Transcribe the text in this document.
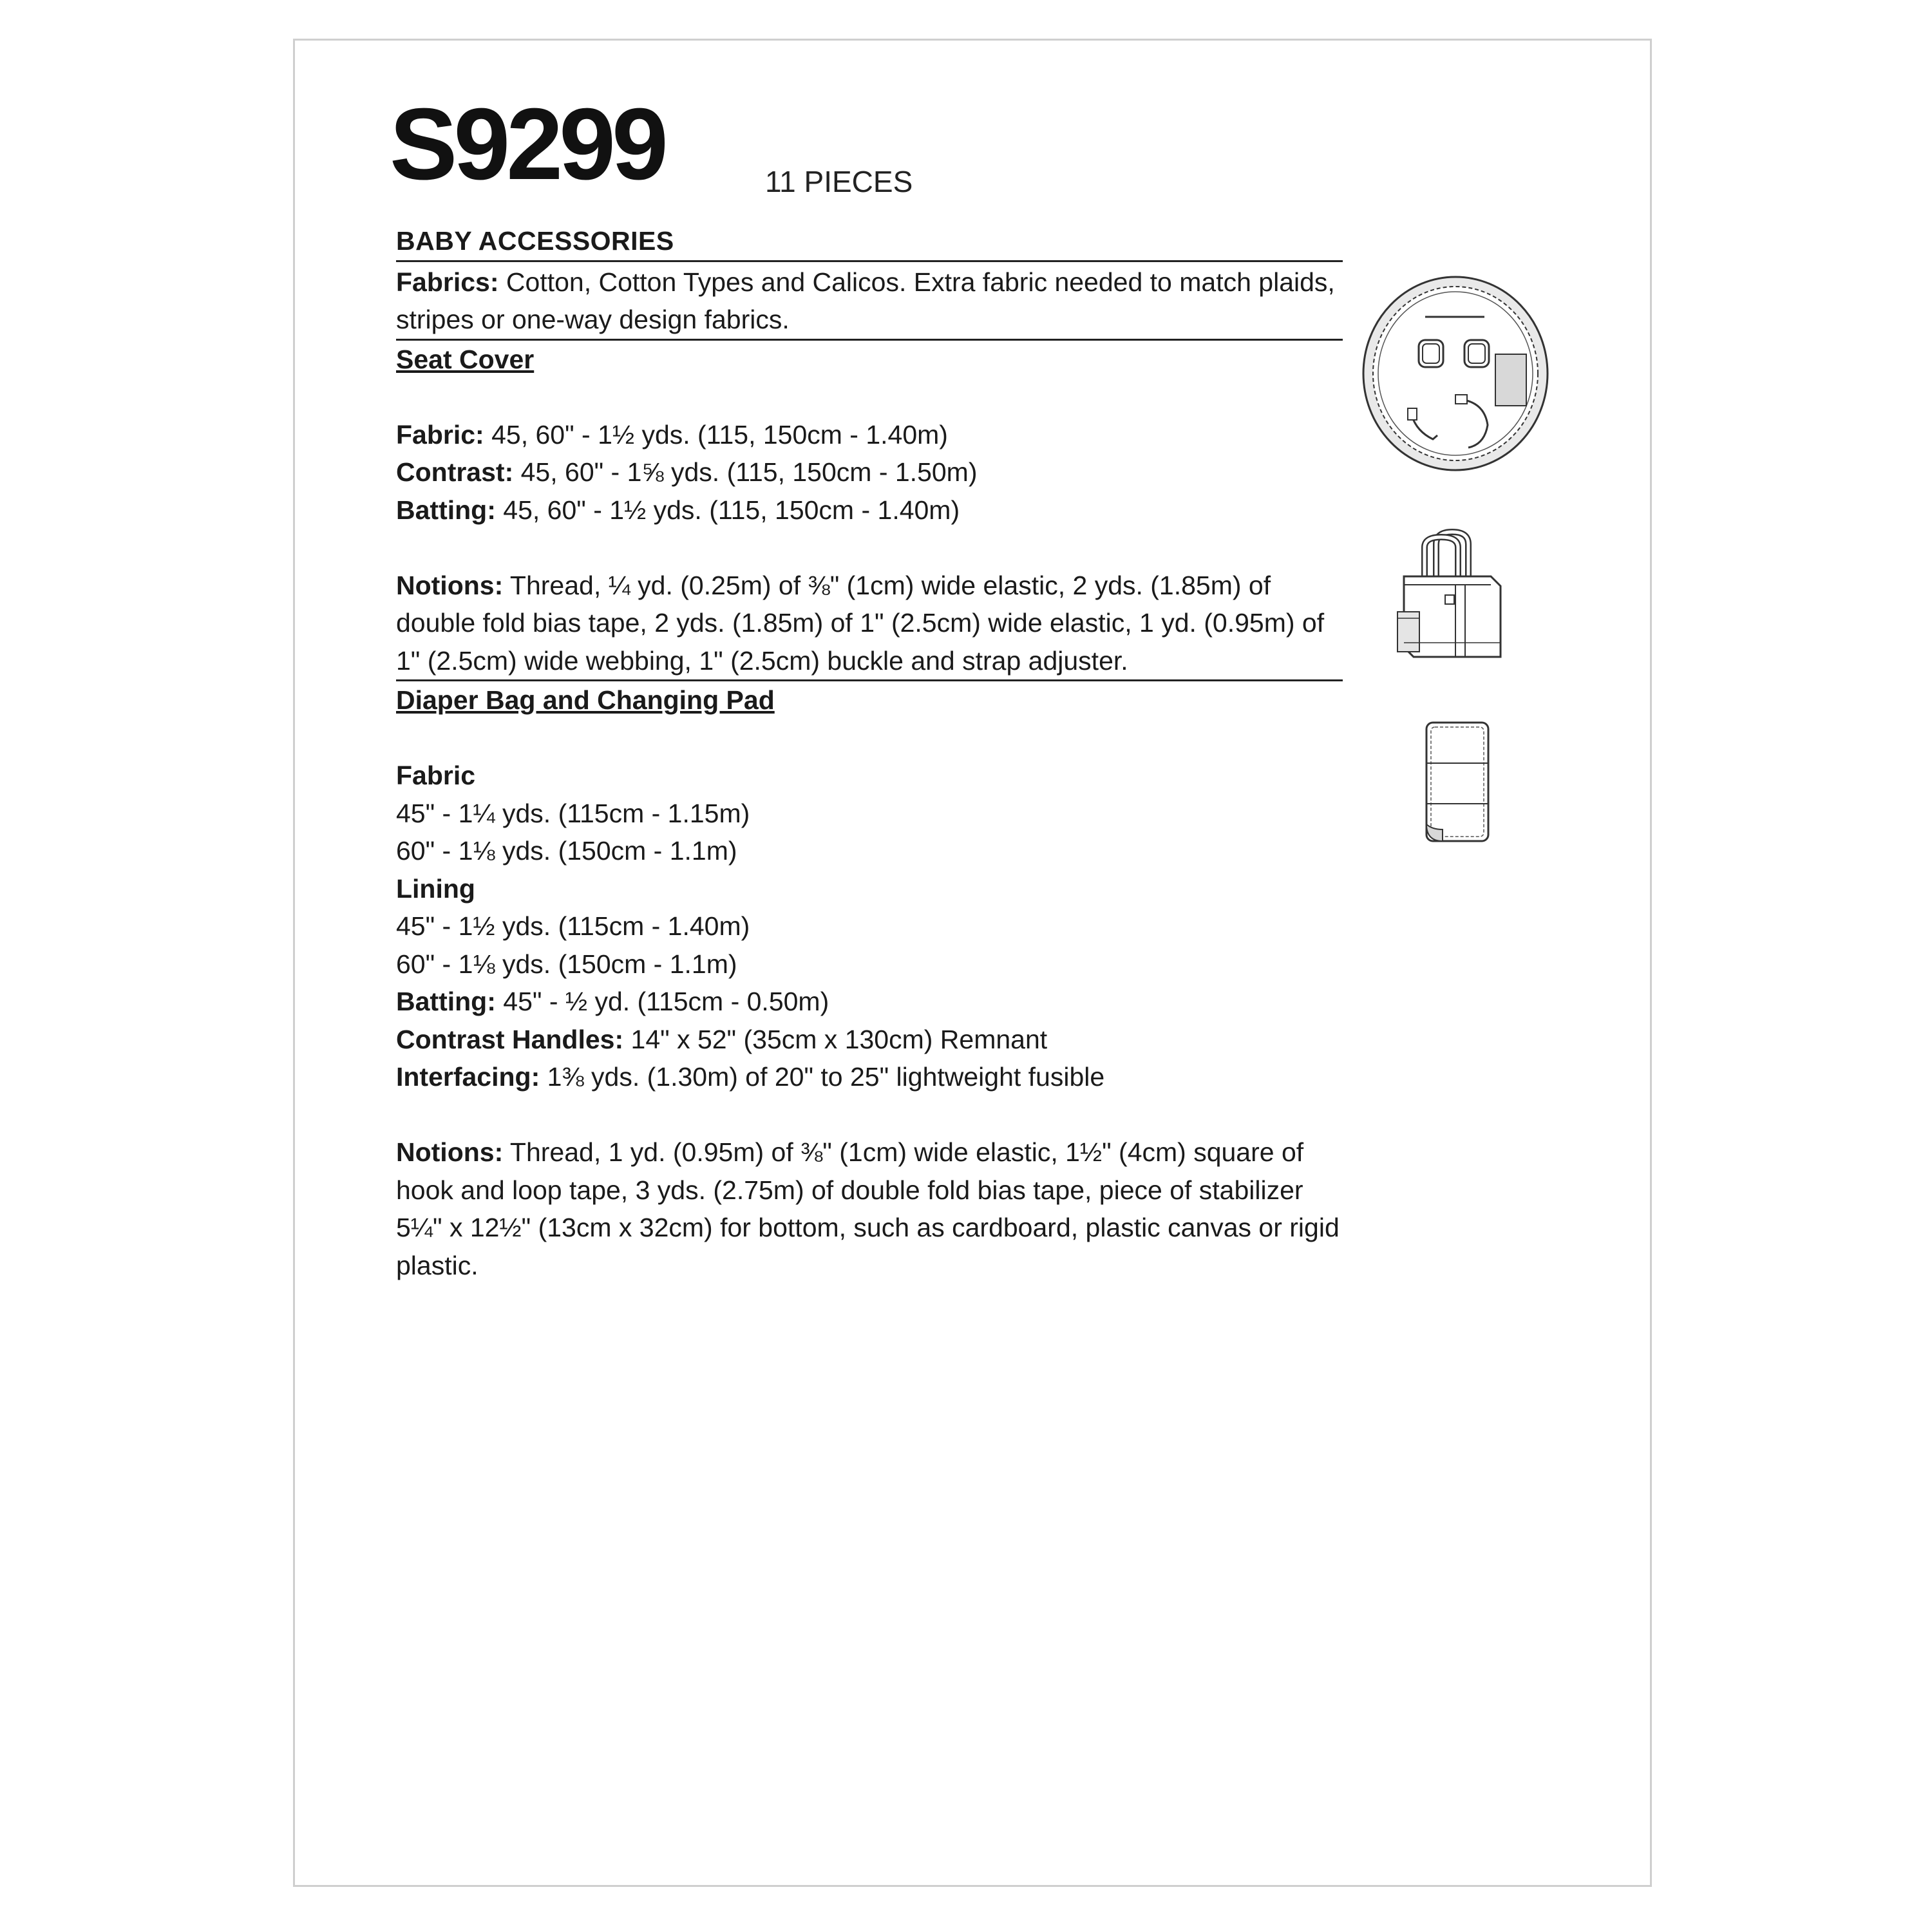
S9299	11 PIECES
BABY ACCESSORIES
Fabrics: Cotton, Cotton Types and Calicos. Extra fabric needed to match plaids, stripes or one-way design fabrics.
Seat Cover
Fabric: 45, 60" - 1½ yds. (115, 150cm - 1.40m)
Contrast: 45, 60" - 1⅝ yds. (115, 150cm - 1.50m)
Batting: 45, 60" - 1½ yds. (115, 150cm - 1.40m)
Notions: Thread, ¼ yd. (0.25m) of ⅜" (1cm) wide elastic, 2 yds. (1.85m) of double fold bias tape, 2 yds. (1.85m) of 1" (2.5cm) wide elastic, 1 yd. (0.95m) of 1" (2.5cm) wide webbing, 1" (2.5cm) buckle and strap adjuster.
Diaper Bag and Changing Pad
Fabric
45" - 1¼ yds. (115cm - 1.15m)
60" - 1⅛ yds. (150cm - 1.1m)
Lining
45" - 1½ yds. (115cm - 1.40m)
60" - 1⅛ yds. (150cm - 1.1m)
Batting: 45" - ½ yd. (115cm - 0.50m)
Contrast Handles: 14" x 52" (35cm x 130cm) Remnant
Interfacing: 1⅜ yds. (1.30m) of 20" to 25" lightweight fusible
Notions: Thread, 1 yd. (0.95m) of ⅜" (1cm) wide elastic, 1½" (4cm) square of hook and loop tape, 3 yds. (2.75m) of double fold bias tape, piece of stabilizer 5¼" x 12½" (13cm x 32cm) for bottom, such as cardboard, plastic canvas or rigid plastic.
